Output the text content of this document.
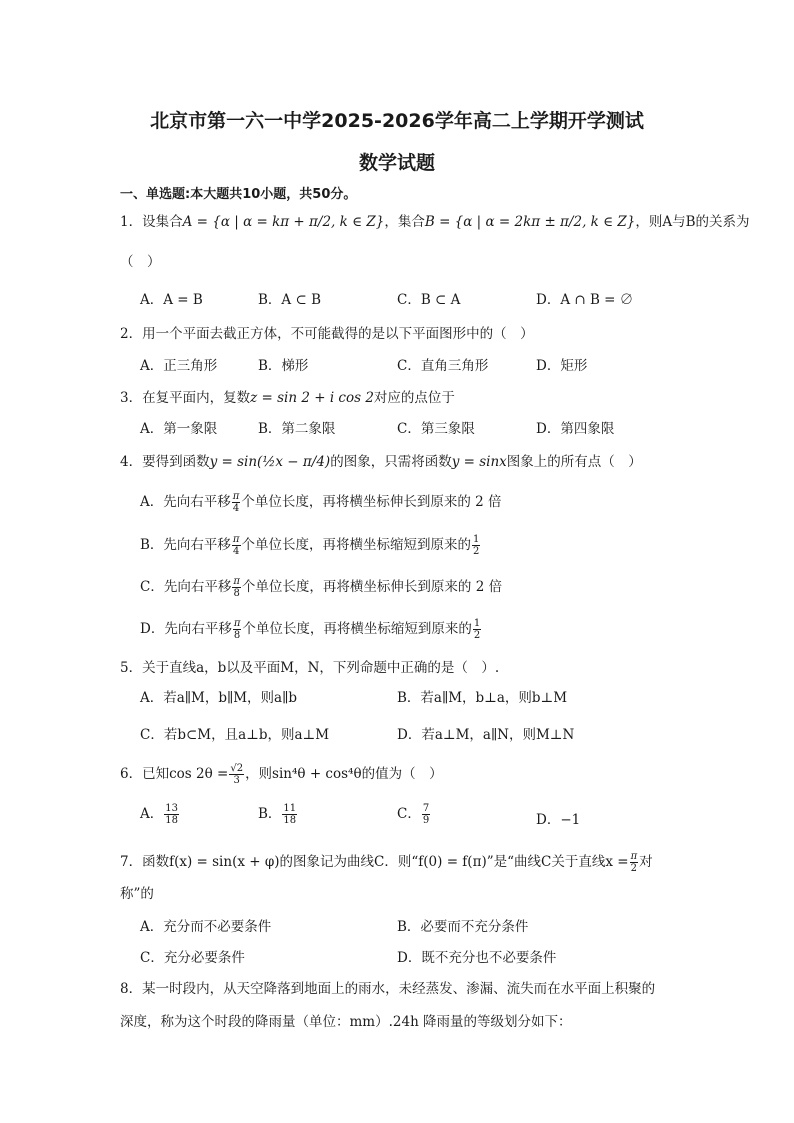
北京市第一六一中学2025-2026学年高二上学期开学测试
数学试题
一、单选题:本大题共10小题，共50分。
1．设集合A = {α | α = kπ + π/2, k ∈ Z}，集合B = {α | α = 2kπ ± π/2, k ∈ Z}，则A与B的关系为
（　）
A．A = B	B．A ⊂ B	C．B ⊂ A	D．A ∩ B = ∅
2．用一个平面去截正方体，不可能截得的是以下平面图形中的（　）
A．正三角形	B．梯形	C．直角三角形	D．矩形
3．在复平面内，复数z = sin 2 + i cos 2对应的点位于
A．第一象限	B．第二象限	C．第三象限	D．第四象限
4．要得到函数y = sin(½x − π/4)的图象，只需将函数y = sinx图象上的所有点（　）
A．先向右平移 $\frac{\pi}{4}$ 个单位长度，再将横坐标伸长到原来的 2 倍
B．先向右平移 $\frac{\pi}{4}$ 个单位长度，再将横坐标缩短到原来的 $\frac{1}{2}$
C．先向右平移 $\frac{\pi}{8}$ 个单位长度，再将横坐标伸长到原来的 2 倍
D．先向右平移 $\frac{\pi}{8}$ 个单位长度，再将横坐标缩短到原来的 $\frac{1}{2}$
5．关于直线a，b以及平面M，N，下列命题中正确的是（　）.
A．若a∥M，b∥M，则a∥b	B．若a∥M，b⊥a，则b⊥M
C．若b⊂M，且a⊥b，则a⊥M	D．若a⊥M，a∥N，则M⊥N
6．已知$\cos 2\theta = \frac{√2}{3}$ ，则sin⁴θ + cos⁴θ的值为（　）
A． $\frac{13}{18}$	B． $\frac{11}{18}$	C． $\frac{7}{9}$	D．−1
7．函数f(x) = sin(x + φ)的图象记为曲线C．则“f(0) = f(π)”是“曲线C关于直线$x = \frac{\pi}{2}$ 对
称”的
A．充分而不必要条件	B．必要而不充分条件
C．充分必要条件	D．既不充分也不必要条件
8．某一时段内，从天空降落到地面上的雨水，未经蒸发、渗漏、流失而在水平面上积聚的
深度，称为这个时段的降雨量（单位：mm）.24h 降雨量的等级划分如下：
